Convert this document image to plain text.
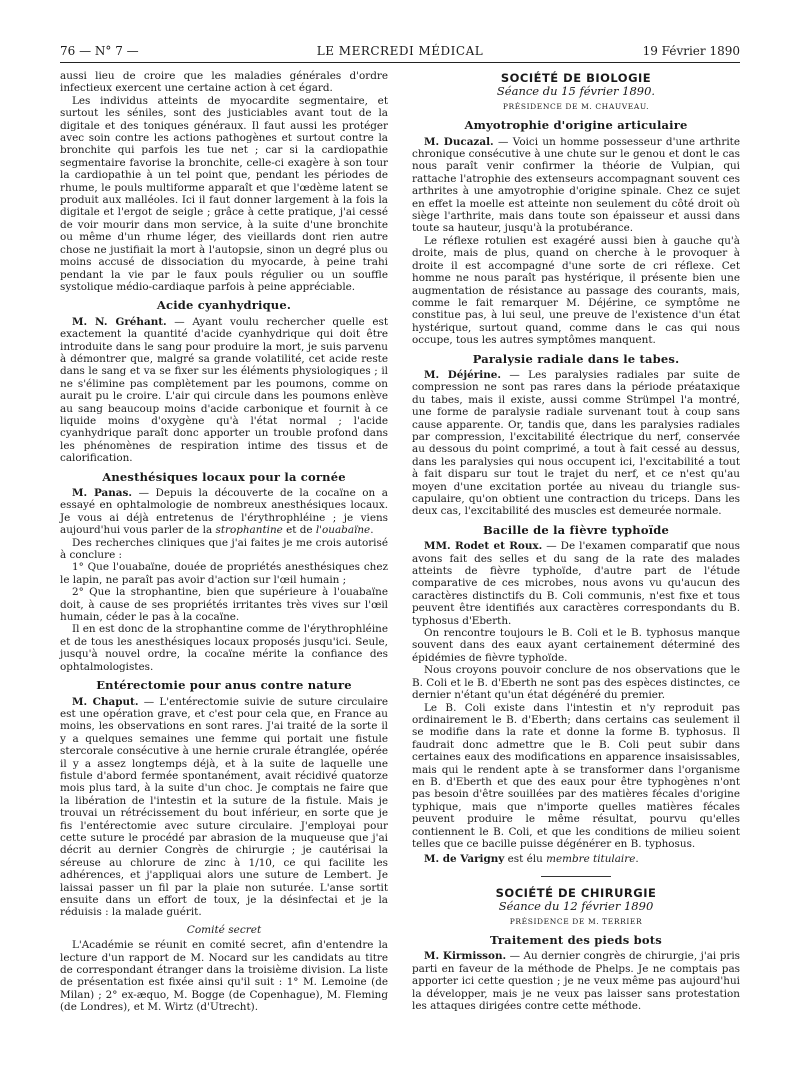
76 — N° 7 —	LE MERCREDI MÉDICAL	19 Février 1890

aussi lieu de croire que les maladies générales d'ordre infectieux exercent une certaine action à cet égard.

Les individus atteints de myocardite segmentaire, et surtout les séniles, sont des justiciables avant tout de la digitale et des toniques généraux. Il faut aussi les protéger avec soin contre les actions pathogènes et surtout contre la bronchite qui parfois les tue net ; car si la cardiopathie segmentaire favorise la bronchite, celle-ci exagère à son tour la cardiopathie à un tel point que, pendant les périodes de rhume, le pouls multiforme apparaît et que l'œdème latent se produit aux malléoles. Ici il faut donner largement à la fois la digitale et l'ergot de seigle ; grâce à cette pratique, j'ai cessé de voir mourir dans mon service, à la suite d'une bronchite ou même d'un rhume léger, des vieillards dont rien autre chose ne justifiait la mort à l'autopsie, sinon un degré plus ou moins accusé de dissociation du myocarde, à peine trahi pendant la vie par le faux pouls régulier ou un souffle systolique médio-cardiaque parfois à peine appréciable.

Acide cyanhydrique.

M. N. Gréhant. — Ayant voulu rechercher quelle est exactement la quantité d'acide cyanhydrique qui doit être introduite dans le sang pour produire la mort, je suis parvenu à démontrer que, malgré sa grande volatilité, cet acide reste dans le sang et va se fixer sur les éléments physiologiques ; il ne s'élimine pas complètement par les poumons, comme on aurait pu le croire. L'air qui circule dans les poumons enlève au sang beaucoup moins d'acide carbonique et fournit à ce liquide moins d'oxygène qu'à l'état normal ; l'acide cyanhydrique paraît donc apporter un trouble profond dans les phénomènes de respiration intime des tissus et de calorification.

Anesthésiques locaux pour la cornée

M. Panas. — Depuis la découverte de la cocaïne on a essayé en ophtalmologie de nombreux anesthésiques locaux. Je vous ai déjà entretenus de l'érythrophléine ; je viens aujourd'hui vous parler de la strophantine et de l'ouabaïne.

Des recherches cliniques que j'ai faites je me crois autorisé à conclure :

1° Que l'ouabaïne, douée de propriétés anesthésiques chez le lapin, ne paraît pas avoir d'action sur l'œil humain ;

2° Que la strophantine, bien que supérieure à l'ouabaïne doit, à cause de ses propriétés irritantes très vives sur l'œil humain, céder le pas à la cocaïne.

Il en est donc de la strophantine comme de l'érythrophléine et de tous les anesthésiques locaux proposés jusqu'ici. Seule, jusqu'à nouvel ordre, la cocaïne mérite la confiance des ophtalmologistes.

Entérectomie pour anus contre nature

M. Chaput. — L'entérectomie suivie de suture circulaire est une opération grave, et c'est pour cela que, en France au moins, les observations en sont rares. J'ai traité de la sorte il y a quelques semaines une femme qui portait une fistule stercorale consécutive à une hernie crurale étranglée, opérée il y a assez longtemps déjà, et à la suite de laquelle une fistule d'abord fermée spontanément, avait récidivé quatorze mois plus tard, à la suite d'un choc. Je comptais ne faire que la libération de l'intestin et la suture de la fistule. Mais je trouvai un rétrécissement du bout inférieur, en sorte que je fis l'entérectomie avec suture circulaire. J'employai pour cette suture le procédé par abrasion de la muqueuse que j'ai décrit au dernier Congrès de chirurgie ; je cautérisai la séreuse au chlorure de zinc à 1/10, ce qui facilite les adhérences, et j'appliquai alors une suture de Lembert. Je laissai passer un fil par la plaie non suturée. L'anse sortit ensuite dans un effort de toux, je la désinfectai et je la réduisis : la malade guérit.

Comité secret

L'Académie se réunit en comité secret, afin d'entendre la lecture d'un rapport de M. Nocard sur les candidats au titre de correspondant étranger dans la troisième division. La liste de présentation est fixée ainsi qu'il suit : 1° M. Lemoine (de Milan) ; 2° ex-æquo, M. Bogge (de Copenhague), M. Fleming (de Londres), et M. Wirtz (d'Utrecht).

SOCIÉTÉ DE BIOLOGIE
Séance du 15 février 1890.
PRÉSIDENCE DE M. CHAUVEAU.
Amyotrophie d'origine articulaire

M. Ducazal. — Voici un homme possesseur d'une arthrite chronique consécutive à une chute sur le genou et dont le cas nous paraît venir confirmer la théorie de Vulpian, qui rattache l'atrophie des extenseurs accompagnant souvent ces arthrites à une amyotrophie d'origine spinale. Chez ce sujet en effet la moelle est atteinte non seulement du côté droit où siège l'arthrite, mais dans toute son épaisseur et aussi dans toute sa hauteur, jusqu'à la protubérance.

Le réflexe rotulien est exagéré aussi bien à gauche qu'à droite, mais de plus, quand on cherche à le provoquer à droite il est accompagné d'une sorte de cri réflexe. Cet homme ne nous paraît pas hystérique, il présente bien une augmentation de résistance au passage des courants, mais, comme le fait remarquer M. Déjérine, ce symptôme ne constitue pas, à lui seul, une preuve de l'existence d'un état hystérique, surtout quand, comme dans le cas qui nous occupe, tous les autres symptômes manquent.

Paralysie radiale dans le tabes.

M. Déjérine. — Les paralysies radiales par suite de compression ne sont pas rares dans la période préataxique du tabes, mais il existe, aussi comme Strümpel l'a montré, une forme de paralysie radiale survenant tout à coup sans cause apparente. Or, tandis que, dans les paralysies radiales par compression, l'excitabilité électrique du nerf, conservée au dessous du point comprimé, a tout à fait cessé au dessus, dans les paralysies qui nous occupent ici, l'excitabilité a tout à fait disparu sur tout le trajet du nerf, et ce n'est qu'au moyen d'une excitation portée au niveau du triangle sus-capulaire, qu'on obtient une contraction du triceps. Dans les deux cas, l'excitabilité des muscles est demeurée normale.

Bacille de la fièvre typhoïde

MM. Rodet et Roux. — De l'examen comparatif que nous avons fait des selles et du sang de la rate des malades atteints de fièvre typhoïde, d'autre part de l'étude comparative de ces microbes, nous avons vu qu'aucun des caractères distinctifs du B. Coli communis, n'est fixe et tous peuvent être identifiés aux caractères correspondants du B. typhosus d'Eberth.

On rencontre toujours le B. Coli et le B. typhosus manque souvent dans des eaux ayant certainement déterminé des épidémies de fièvre typhoïde.

Nous croyons pouvoir conclure de nos observations que le B. Coli et le B. d'Eberth ne sont pas des espèces distinctes, ce dernier n'étant qu'un état dégénéré du premier.

Le B. Coli existe dans l'intestin et n'y reproduit pas ordinairement le B. d'Eberth; dans certains cas seulement il se modifie dans la rate et donne la forme B. typhosus. Il faudrait donc admettre que le B. Coli peut subir dans certaines eaux des modifications en apparence insaisissables, mais qui le rendent apte à se transformer dans l'organisme en B. d'Eberth et que des eaux pour être typhogènes n'ont pas besoin d'être souillées par des matières fécales d'origine typhique, mais que n'importe quelles matières fécales peuvent produire le même résultat, pourvu qu'elles contiennent le B. Coli, et que les conditions de milieu soient telles que ce bacille puisse dégénérer en B. typhosus.

M. de Varigny est élu membre titulaire.

SOCIÉTÉ DE CHIRURGIE
Séance du 12 février 1890
PRÉSIDENCE DE M. TERRIER
Traitement des pieds bots

M. Kirmisson. — Au dernier congrès de chirurgie, j'ai pris parti en faveur de la méthode de Phelps. Je ne comptais pas apporter ici cette question ; je ne veux même pas aujourd'hui la développer, mais je ne veux pas laisser sans protestation les attaques dirigées contre cette méthode.
